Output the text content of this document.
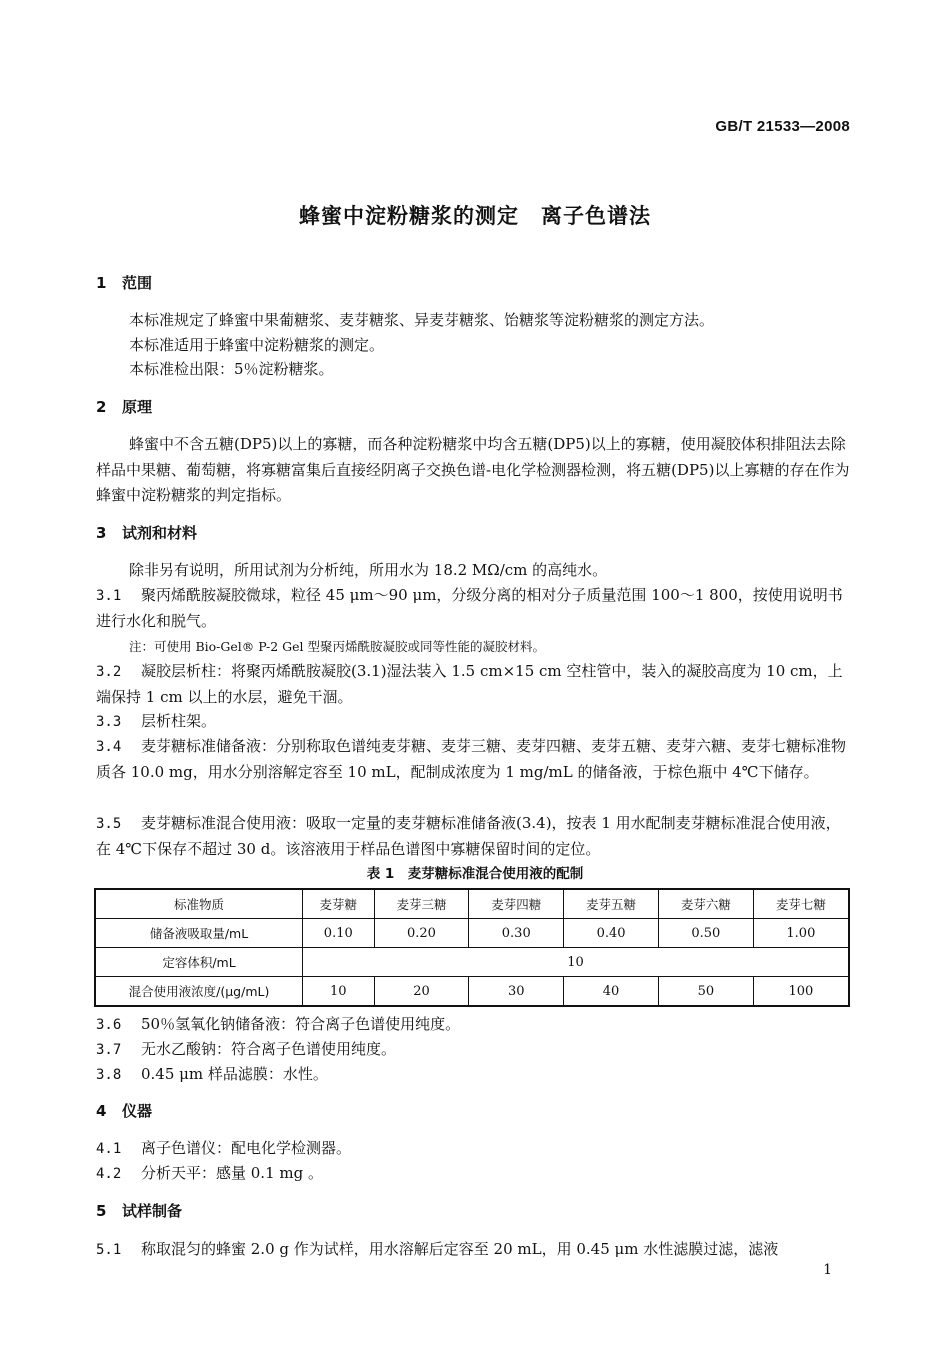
GB/T 21533—2008
蜂蜜中淀粉糖浆的测定　离子色谱法
1 范围
本标准规定了蜂蜜中果葡糖浆、麦芽糖浆、异麦芽糖浆、饴糖浆等淀粉糖浆的测定方法。
本标准适用于蜂蜜中淀粉糖浆的测定。
本标准检出限：5％淀粉糖浆。
2 原理
蜂蜜中不含五糖(DP5)以上的寡糖，而各种淀粉糖浆中均含五糖(DP5)以上的寡糖，使用凝胶体积排阻法去除样品中果糖、葡萄糖，将寡糖富集后直接经阴离子交换色谱-电化学检测器检测，将五糖(DP5)以上寡糖的存在作为蜂蜜中淀粉糖浆的判定指标。
3 试剂和材料
除非另有说明，所用试剂为分析纯，所用水为 18.2 MΩ/cm 的高纯水。
3.1 聚丙烯酰胺凝胶微球，粒径 45 μm～90 μm，分级分离的相对分子质量范围 100～1 800，按使用说明书进行水化和脱气。
注：可使用 Bio-Gel® P-2 Gel 型聚丙烯酰胺凝胶或同等性能的凝胶材料。
3.2 凝胶层析柱：将聚丙烯酰胺凝胶(3.1)湿法装入 1.5 cm×15 cm 空柱管中，装入的凝胶高度为 10 cm，上端保持 1 cm 以上的水层，避免干涸。
3.3 层析柱架。
3.4 麦芽糖标准储备液：分别称取色谱纯麦芽糖、麦芽三糖、麦芽四糖、麦芽五糖、麦芽六糖、麦芽七糖标准物质各 10.0 mg，用水分别溶解定容至 10 mL，配制成浓度为 1 mg/mL 的储备液，于棕色瓶中 4℃下储存。
3.5 麦芽糖标准混合使用液：吸取一定量的麦芽糖标准储备液(3.4)，按表 1 用水配制麦芽糖标准混合使用液，在 4℃下保存不超过 30 d。该溶液用于样品色谱图中寡糖保留时间的定位。
表 1　麦芽糖标准混合使用液的配制
标准物质	麦芽糖	麦芽三糖	麦芽四糖	麦芽五糖	麦芽六糖	麦芽七糖
储备液吸取量/mL	0.10	0.20	0.30	0.40	0.50	1.00
定容体积/mL	10					
混合使用液浓度/(μg/mL)	10	20	30	40	50	100
3.6 50％氢氧化钠储备液：符合离子色谱使用纯度。
3.7 无水乙酸钠：符合离子色谱使用纯度。
3.8 0.45 μm 样品滤膜：水性。
4 仪器
4.1 离子色谱仪：配电化学检测器。
4.2 分析天平：感量 0.1 mg 。
5 试样制备
5.1 称取混匀的蜂蜜 2.0 g 作为试样，用水溶解后定容至 20 mL，用 0.45 μm 水性滤膜过滤，滤液
1
